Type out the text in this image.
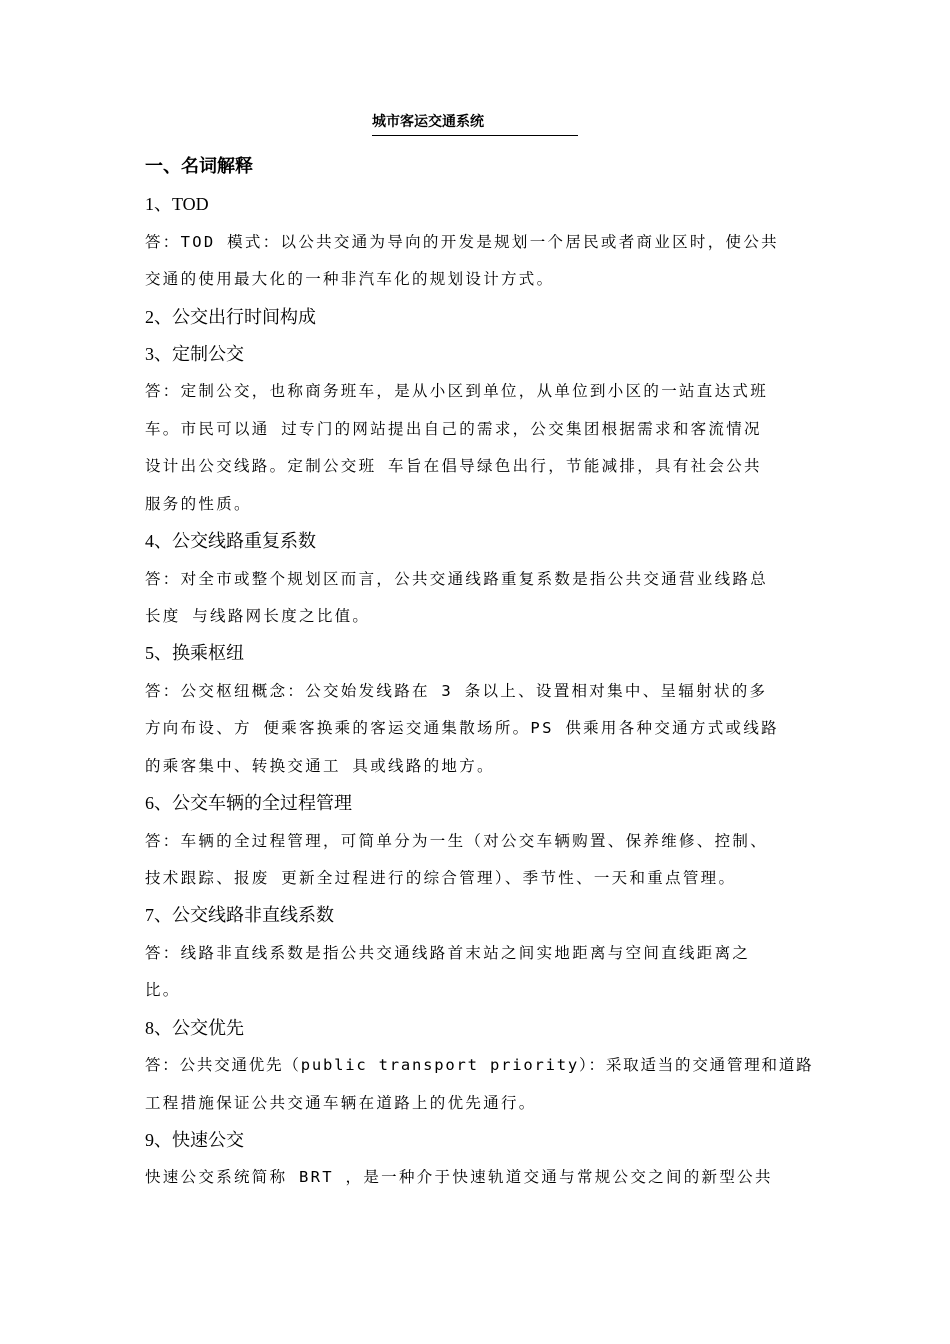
城市客运交通系统
一、名词解释
1、TOD
答：TOD 模式：以公共交通为导向的开发是规划一个居民或者商业区时，使公共
交通的使用最大化的一种非汽车化的规划设计方式。
2、公交出行时间构成
3、定制公交
答：定制公交，也称商务班车，是从小区到单位，从单位到小区的一站直达式班
车。市民可以通 过专门的网站提出自己的需求，公交集团根据需求和客流情况
设计出公交线路。定制公交班 车旨在倡导绿色出行，节能减排，具有社会公共
服务的性质。
4、公交线路重复系数
答：对全市或整个规划区而言，公共交通线路重复系数是指公共交通营业线路总
长度 与线路网长度之比值。
5、换乘枢纽
答：公交枢纽概念：公交始发线路在 3 条以上、设置相对集中、呈辐射状的多
方向布设、方 便乘客换乘的客运交通集散场所。PS 供乘用各种交通方式或线路
的乘客集中、转换交通工 具或线路的地方。
6、公交车辆的全过程管理
答：车辆的全过程管理，可简单分为一生（对公交车辆购置、保养维修、控制、
技术跟踪、报废 更新全过程进行的综合管理）、季节性、一天和重点管理。
7、公交线路非直线系数
答：线路非直线系数是指公共交通线路首末站之间实地距离与空间直线距离之
比。
8、公交优先
答：公共交通优先（public transport priority）：采取适当的交通管理和道路
工程措施保证公共交通车辆在道路上的优先通行。
9、快速公交
快速公交系统简称 BRT ，是一种介于快速轨道交通与常规公交之间的新型公共
